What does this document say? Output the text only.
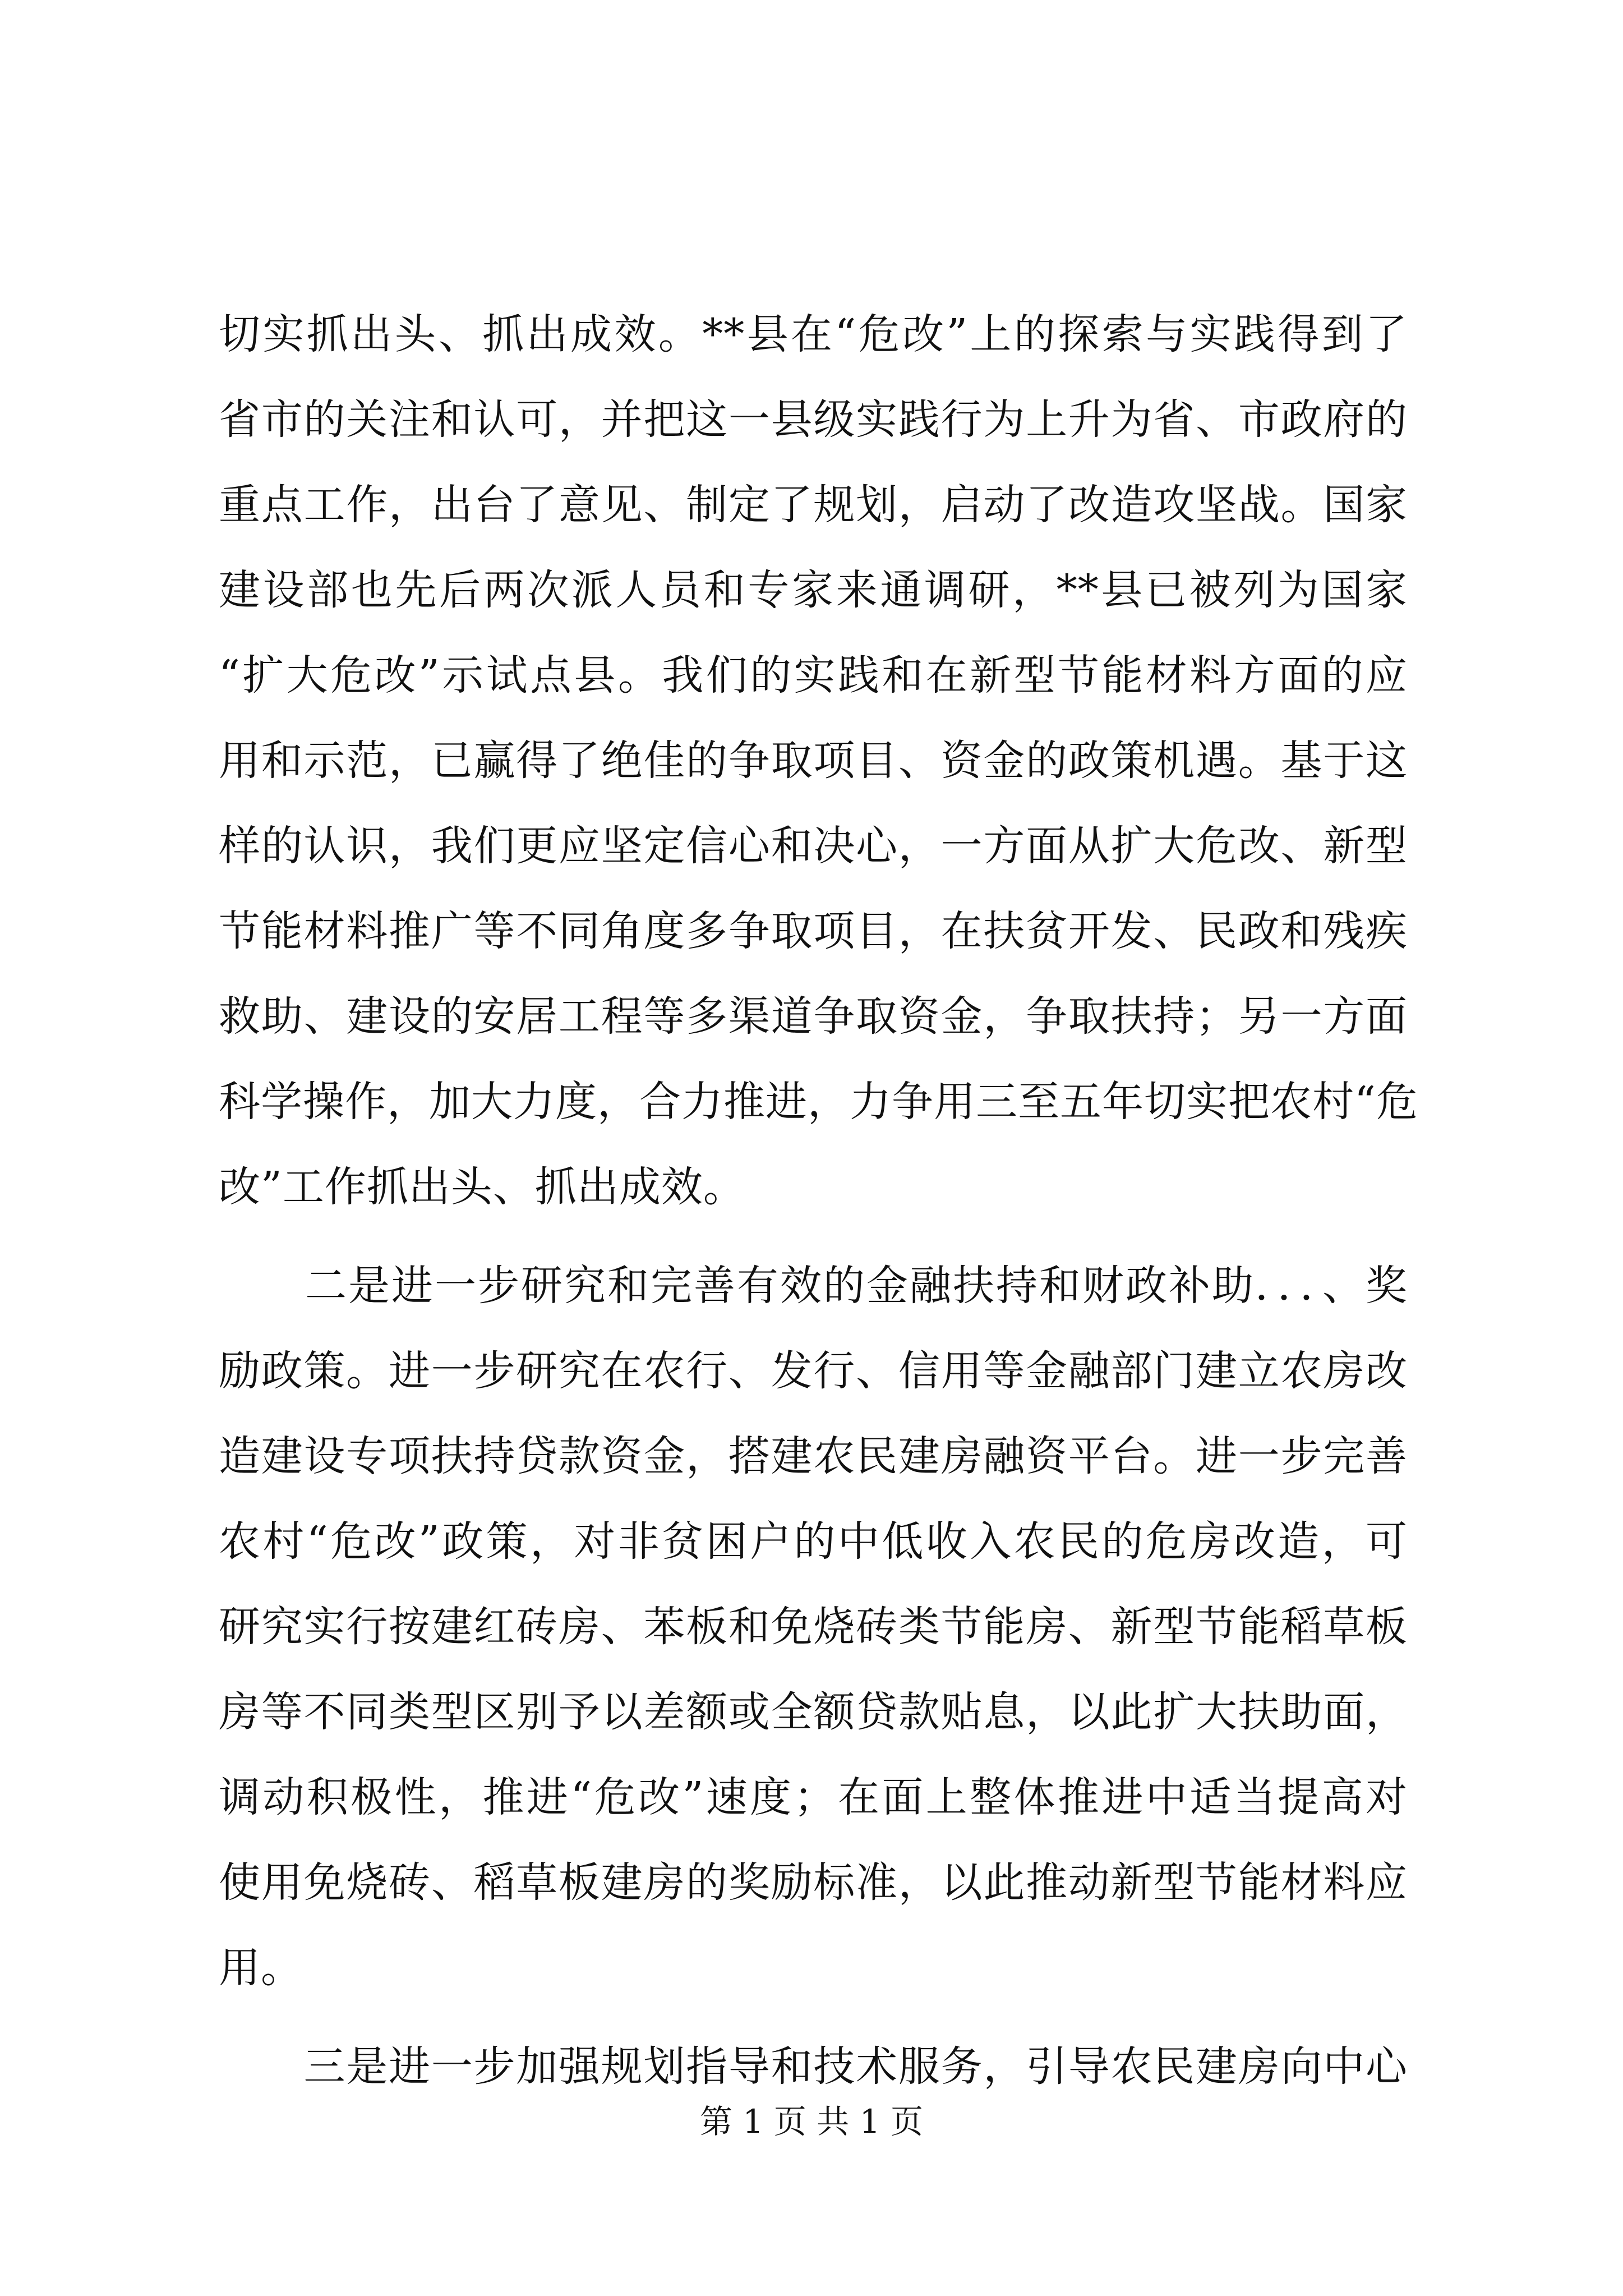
切实抓出头、抓出成效。**县在“危改”上的探索与实践得到了
省市的关注和认可，并把这一县级实践行为上升为省、市政府的
重点工作，出台了意见、制定了规划，启动了改造攻坚战。国家
建设部也先后两次派人员和专家来通调研，**县已被列为国家
“扩大危改”示试点县。我们的实践和在新型节能材料方面的应
用和示范，已赢得了绝佳的争取项目、资金的政策机遇。基于这
样的认识，我们更应坚定信心和决心，一方面从扩大危改、新型
节能材料推广等不同角度多争取项目，在扶贫开发、民政和残疾
救助、建设的安居工程等多渠道争取资金，争取扶持；另一方面
科学操作，加大力度，合力推进，力争用三至五年切实把农村“危
改”工作抓出头、抓出成效。
　　二是进一步研究和完善有效的金融扶持和财政补助．．．、奖
励政策。进一步研究在农行、发行、信用等金融部门建立农房改
造建设专项扶持贷款资金，搭建农民建房融资平台。进一步完善
农村“危改”政策，对非贫困户的中低收入农民的危房改造，可
研究实行按建红砖房、苯板和免烧砖类节能房、新型节能稻草板
房等不同类型区别予以差额或全额贷款贴息，以此扩大扶助面，
调动积极性，推进“危改”速度；在面上整体推进中适当提高对
使用免烧砖、稻草板建房的奖励标准，以此推动新型节能材料应
用。
　　三是进一步加强规划指导和技术服务，引导农民建房向中心
第 1 页 共 1 页
